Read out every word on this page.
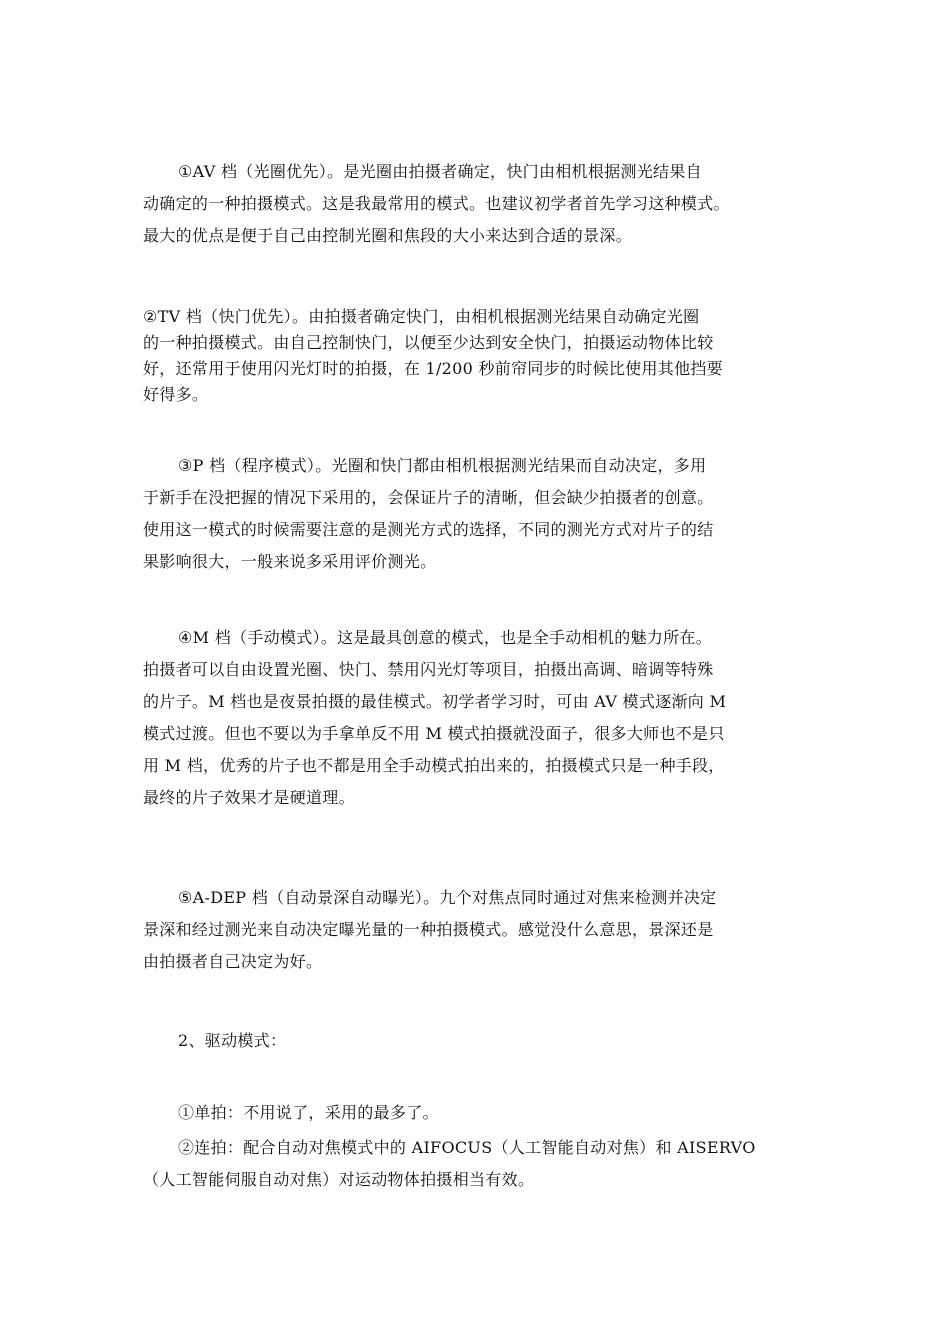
①AV 档（光圈优先）。是光圈由拍摄者确定，快门由相机根据测光结果自
动确定的一种拍摄模式。这是我最常用的模式。也建议初学者首先学习这种模式。
最大的优点是便于自己由控制光圈和焦段的大小来达到合适的景深。

②TV 档（快门优先）。由拍摄者确定快门，由相机根据测光结果自动确定光圈
的一种拍摄模式。由自己控制快门，以便至少达到安全快门，拍摄运动物体比较
好，还常用于使用闪光灯时的拍摄，在 1/200 秒前帘同步的时候比使用其他挡要
好得多。

③P 档（程序模式）。光圈和快门都由相机根据测光结果而自动决定，多用
于新手在没把握的情况下采用的，会保证片子的清晰，但会缺少拍摄者的创意。
使用这一模式的时候需要注意的是测光方式的选择，不同的测光方式对片子的结
果影响很大，一般来说多采用评价测光。

④M 档（手动模式）。这是最具创意的模式，也是全手动相机的魅力所在。
拍摄者可以自由设置光圈、快门、禁用闪光灯等项目，拍摄出高调、暗调等特殊
的片子。M 档也是夜景拍摄的最佳模式。初学者学习时，可由 AV 模式逐渐向 M
模式过渡。但也不要以为手拿单反不用 M 模式拍摄就没面子，很多大师也不是只
用 M 档，优秀的片子也不都是用全手动模式拍出来的，拍摄模式只是一种手段，
最终的片子效果才是硬道理。

⑤A-DEP 档（自动景深自动曝光）。九个对焦点同时通过对焦来检测并决定
景深和经过测光来自动决定曝光量的一种拍摄模式。感觉没什么意思，景深还是
由拍摄者自己决定为好。

2、驱动模式：

①单拍：不用说了，采用的最多了。

②连拍：配合自动对焦模式中的 AIFOCUS（人工智能自动对焦）和 AISERVO
（人工智能伺服自动对焦）对运动物体拍摄相当有效。
